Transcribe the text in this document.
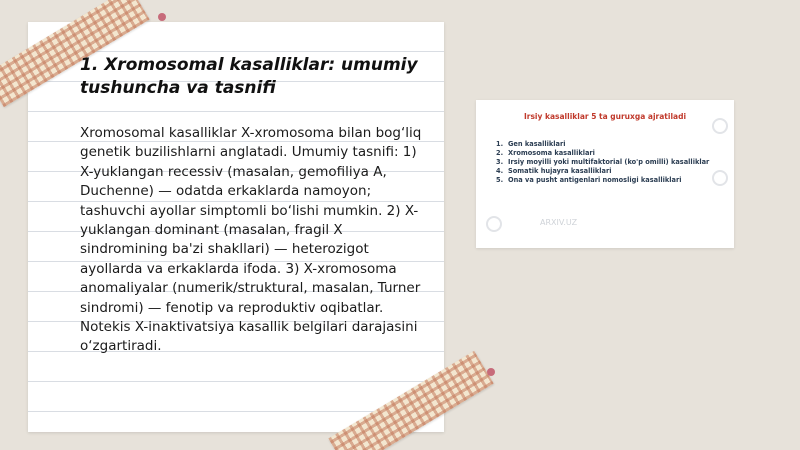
1. Xromosomal kasalliklar: umumiy tushuncha va tasnifi

Xromosomal kasalliklar X-xromosoma bilan bog‘liq genetik buzilishlarni anglatadi. Umumiy tasnifi: 1) X-yuklangan recessiv (masalan, gemofiliya A, Duchenne) — odatda erkaklarda namoyon; tashuvchi ayollar simptomli bo‘lishi mumkin. 2) X-yuklangan dominant (masalan, fragil X sindromining ba'zi shakllari) — heterozigot ayollarda va erkaklarda ifoda. 3) X-xromosoma anomaliyalar (numerik/struktural, masalan, Turner sindromi) — fenotip va reproduktiv oqibatlar. Notekis X-inaktivatsiya kasallik belgilari darajasini o‘zgartiradi.

Irsiy kasalliklar 5 ta guruxga ajratiladi
1. Gen kasalliklari
2. Xromosoma kasalliklari
3. Irsiy moyilli yoki multifaktorial (ko'p omilli) kasalliklar
4. Somatik hujayra kasalliklari
5. Ona va pusht antigenlari nomosligi kasalliklari
ARXIV.UZ
